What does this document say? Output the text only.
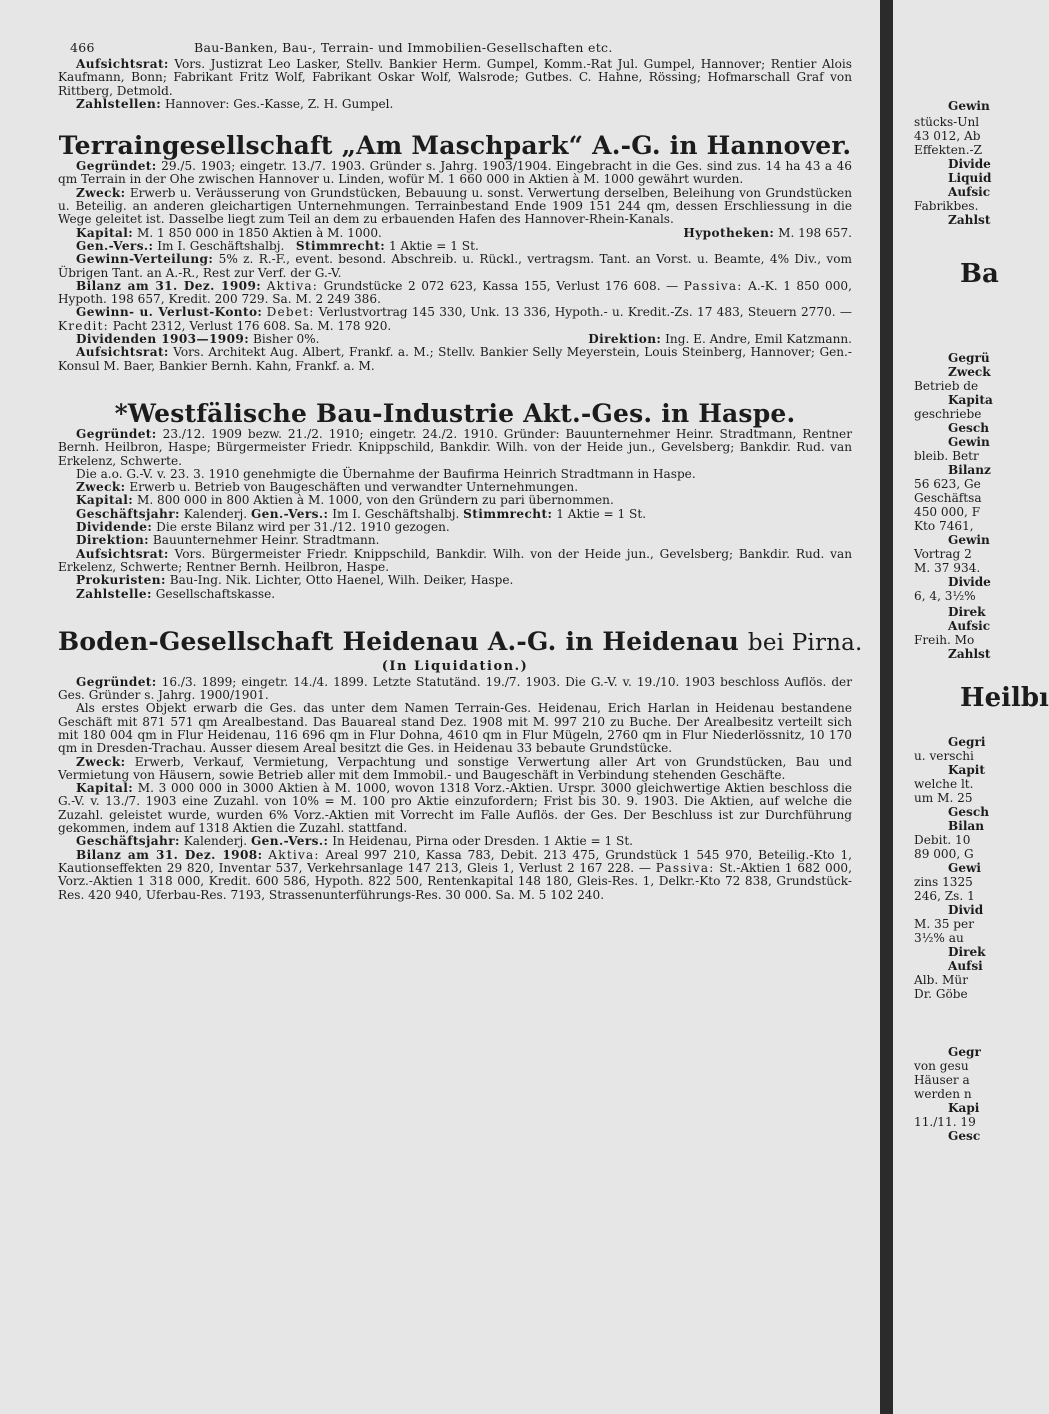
466	Bau-Banken, Bau-, Terrain- und Immobilien-Gesellschaften etc.

Aufsichtsrat: Vors. Justizrat Leo Lasker, Stellv. Bankier Herm. Gumpel, Komm.-Rat Jul. Gumpel, Hannover; Rentier Alois Kaufmann, Bonn; Fabrikant Fritz Wolf, Fabrikant Oskar Wolf, Walsrode; Gutbes. C. Hahne, Rössing; Hofmarschall Graf von Rittberg, Detmold.

Zahlstellen: Hannover: Ges.-Kasse, Z. H. Gumpel.

Terraingesellschaft „Am Maschpark“ A.-G. in Hannover.

Gegründet: 29./5. 1903; eingetr. 13./7. 1903. Gründer s. Jahrg. 1903/1904. Eingebracht in die Ges. sind zus. 14 ha 43 a 46 qm Terrain in der Ohe zwischen Hannover u. Linden, wofür M. 1 660 000 in Aktien à M. 1000 gewährt wurden.

Zweck: Erwerb u. Veräusserung von Grundstücken, Bebauung u. sonst. Verwertung derselben, Beleihung von Grundstücken u. Beteilig. an anderen gleichartigen Unternehmungen. Terrainbestand Ende 1909 151 244 qm, dessen Erschliessung in die Wege geleitet ist. Dasselbe liegt zum Teil an dem zu erbauenden Hafen des Hannover-Rhein-Kanals.

Kapital: M. 1 850 000 in 1850 Aktien à M. 1000.	Hypotheken: M. 198 657.

Gen.-Vers.: Im I. Geschäftshalbj. Stimmrecht: 1 Aktie = 1 St.

Gewinn-Verteilung: 5% z. R.-F., event. besond. Abschreib. u. Rückl., vertragsm. Tant. an Vorst. u. Beamte, 4% Div., vom Übrigen Tant. an A.-R., Rest zur Verf. der G.-V.

Bilanz am 31. Dez. 1909: Aktiva: Grundstücke 2 072 623, Kassa 155, Verlust 176 608. — Passiva: A.-K. 1 850 000, Hypoth. 198 657, Kredit. 200 729. Sa. M. 2 249 386.

Gewinn- u. Verlust-Konto: Debet: Verlustvortrag 145 330, Unk. 13 336, Hypoth.- u. Kredit.-Zs. 17 483, Steuern 2770. — Kredit: Pacht 2312, Verlust 176 608. Sa. M. 178 920.

Dividenden 1903—1909: Bisher 0%.	Direktion: Ing. E. Andre, Emil Katzmann.

Aufsichtsrat: Vors. Architekt Aug. Albert, Frankf. a. M.; Stellv. Bankier Selly Meyerstein, Louis Steinberg, Hannover; Gen.-Konsul M. Baer, Bankier Bernh. Kahn, Frankf. a. M.

*Westfälische Bau-Industrie Akt.-Ges. in Haspe.

Gegründet: 23./12. 1909 bezw. 21./2. 1910; eingetr. 24./2. 1910. Gründer: Bauunternehmer Heinr. Stradtmann, Rentner Bernh. Heilbron, Haspe; Bürgermeister Friedr. Knippschild, Bankdir. Wilh. von der Heide jun., Gevelsberg; Bankdir. Rud. van Erkelenz, Schwerte.

Die a.o. G.-V. v. 23. 3. 1910 genehmigte die Übernahme der Baufirma Heinrich Stradtmann in Haspe.

Zweck: Erwerb u. Betrieb von Baugeschäften und verwandter Unternehmungen.

Kapital: M. 800 000 in 800 Aktien à M. 1000, von den Gründern zu pari übernommen.

Geschäftsjahr: Kalenderj. Gen.-Vers.: Im I. Geschäftshalbj. Stimmrecht: 1 Aktie = 1 St.

Dividende: Die erste Bilanz wird per 31./12. 1910 gezogen.

Direktion: Bauunternehmer Heinr. Stradtmann.

Aufsichtsrat: Vors. Bürgermeister Friedr. Knippschild, Bankdir. Wilh. von der Heide jun., Gevelsberg; Bankdir. Rud. van Erkelenz, Schwerte; Rentner Bernh. Heilbron, Haspe.

Prokuristen: Bau-Ing. Nik. Lichter, Otto Haenel, Wilh. Deiker, Haspe.

Zahlstelle: Gesellschaftskasse.

Boden-Gesellschaft Heidenau A.-G. in Heidenau bei Pirna.
(In Liquidation.)

Gegründet: 16./3. 1899; eingetr. 14./4. 1899. Letzte Statutänd. 19./7. 1903. Die G.-V. v. 19./10. 1903 beschloss Auflös. der Ges. Gründer s. Jahrg. 1900/1901.

Als erstes Objekt erwarb die Ges. das unter dem Namen Terrain-Ges. Heidenau, Erich Harlan in Heidenau bestandene Geschäft mit 871 571 qm Arealbestand. Das Bauareal stand Dez. 1908 mit M. 997 210 zu Buche. Der Arealbesitz verteilt sich mit 180 004 qm in Flur Heidenau, 116 696 qm in Flur Dohna, 4610 qm in Flur Mügeln, 2760 qm in Flur Niederlössnitz, 10 170 qm in Dresden-Trachau. Ausser diesem Areal besitzt die Ges. in Heidenau 33 bebaute Grundstücke.

Zweck: Erwerb, Verkauf, Vermietung, Verpachtung und sonstige Verwertung aller Art von Grundstücken, Bau und Vermietung von Häusern, sowie Betrieb aller mit dem Immobil.- und Baugeschäft in Verbindung stehenden Geschäfte.

Kapital: M. 3 000 000 in 3000 Aktien à M. 1000, wovon 1318 Vorz.-Aktien. Urspr. 3000 gleichwertige Aktien beschloss die G.-V. v. 13./7. 1903 eine Zuzahl. von 10% = M. 100 pro Aktie einzufordern; Frist bis 30. 9. 1903. Die Aktien, auf welche die Zuzahl. geleistet wurde, wurden 6% Vorz.-Aktien mit Vorrecht im Falle Auflös. der Ges. Der Beschluss ist zur Durchführung gekommen, indem auf 1318 Aktien die Zuzahl. stattfand.

Geschäftsjahr: Kalenderj. Gen.-Vers.: In Heidenau, Pirna oder Dresden. 1 Aktie = 1 St.

Bilanz am 31. Dez. 1908: Aktiva: Areal 997 210, Kassa 783, Debit. 213 475, Grundstück 1 545 970, Beteilig.-Kto 1, Kautionseffekten 29 820, Inventar 537, Verkehrsanlage 147 213, Gleis 1, Verlust 2 167 228. — Passiva: St.-Aktien 1 682 000, Vorz.-Aktien 1 318 000, Kredit. 600 586, Hypoth. 822 500, Rentenkapital 148 180, Gleis-Res. 1, Delkr.-Kto 72 838, Grundstück-Res. 420 940, Uferbau-Res. 7193, Strassenunterführungs-Res. 30 000. Sa. M. 5 102 240.

Gewin
stücks-Unl
43 012, Ab
Effekten.-Z
Divide
Liquid
Aufsic
Fabrikbes.
Zahlst
Ba
Gegrü
Zweck
Betrieb de
Kapita
geschriebe
Gesch
Gewin
bleib. Betr
Bilanz
56 623, Ge
Geschäftsa
450 000, F
Kto 7461,
Gewin
Vortrag 2
M. 37 934.
Divide
6, 4, 3½%
Direk
Aufsic
Freih. Mo
Zahlst
Heilbı
Gegri
u. verschi
Kapit
welche lt.
um M. 25
Gesch
Bilan
Debit. 10
89 000, G
Gewi
zins 1325
246, Zs. 1
Divid
M. 35 per
3½% au
Direk
Aufsi
Alb. Mür
Dr. Göbe
Gegr
von gesu
Häuser a
werden n
Kapi
11./11. 19
Gesc
